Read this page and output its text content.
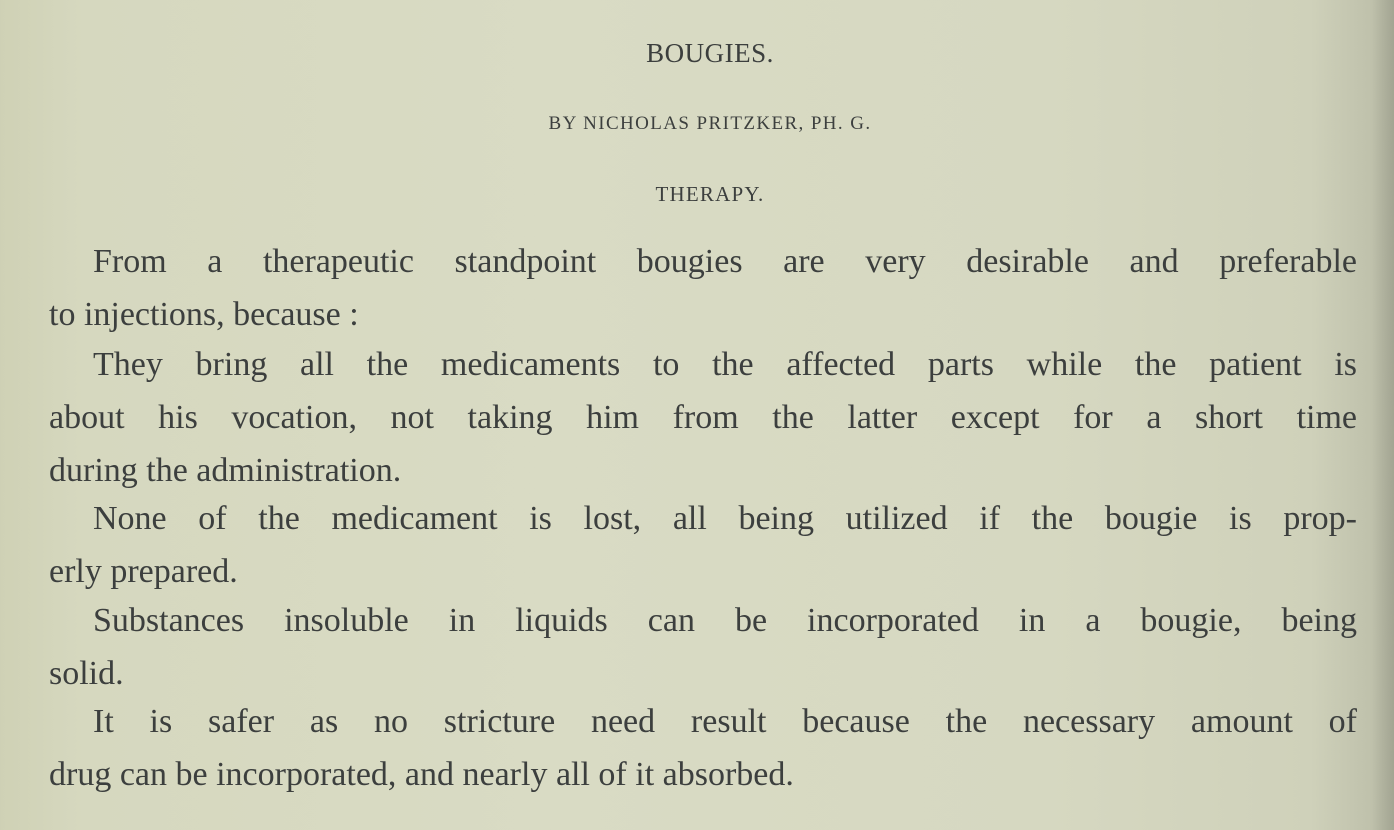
BOUGIES.
BY NICHOLAS PRITZKER, PH. G.
THERAPY.
From a therapeutic standpoint bougies are very desirable and preferable
to injections, because :
They bring all the medicaments to the affected parts while the patient is
about his vocation, not taking him from the latter except for a short time
during the administration.
None of the medicament is lost, all being utilized if the bougie is prop-
erly prepared.
Substances insoluble in liquids can be incorporated in a bougie, being
solid.
It is safer as no stricture need result because the necessary amount of
drug can be incorporated, and nearly all of it absorbed.
